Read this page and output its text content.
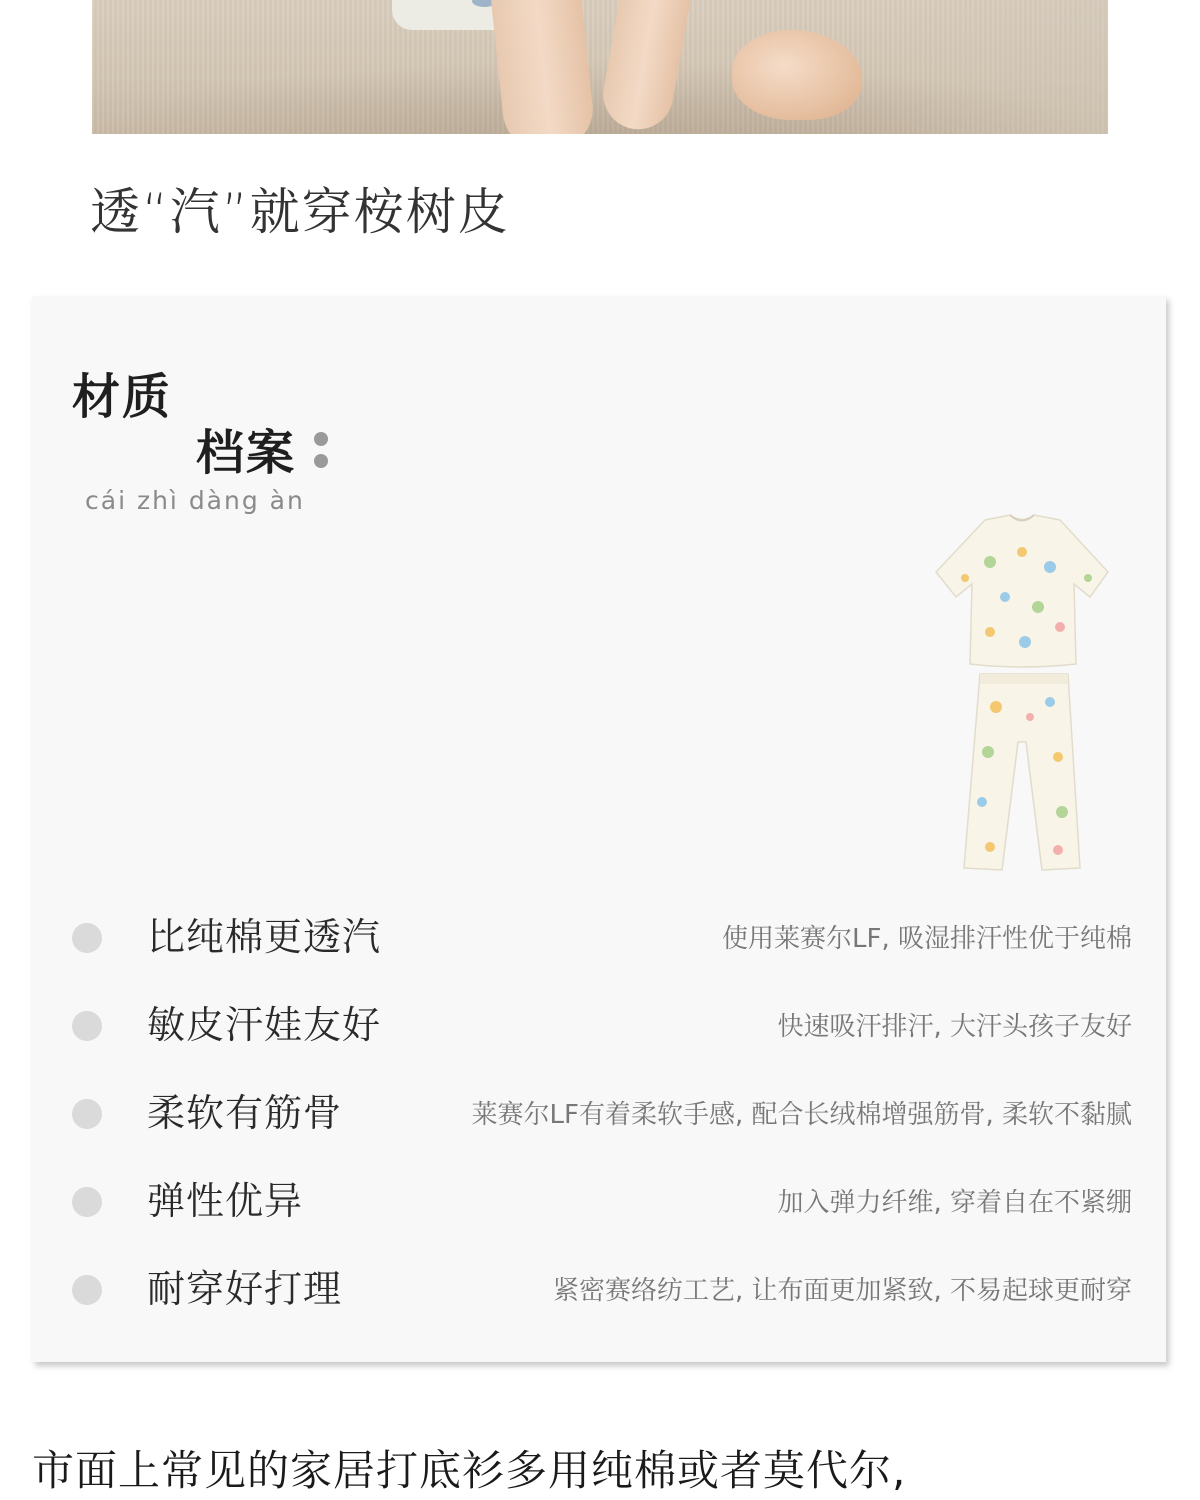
透“汽”就穿桉树皮
材质
档案
cái zhì dàng àn
比纯棉更透汽	使用莱赛尔LF, 吸湿排汗性优于纯棉
敏皮汗娃友好	快速吸汗排汗, 大汗头孩子友好
柔软有筋骨	莱赛尔LF有着柔软手感, 配合长绒棉增强筋骨, 柔软不黏腻
弹性优异	加入弹力纤维, 穿着自在不紧绷
耐穿好打理	紧密赛络纺工艺, 让布面更加紧致, 不易起球更耐穿
市面上常见的家居打底衫多用纯棉或者莫代尔,
